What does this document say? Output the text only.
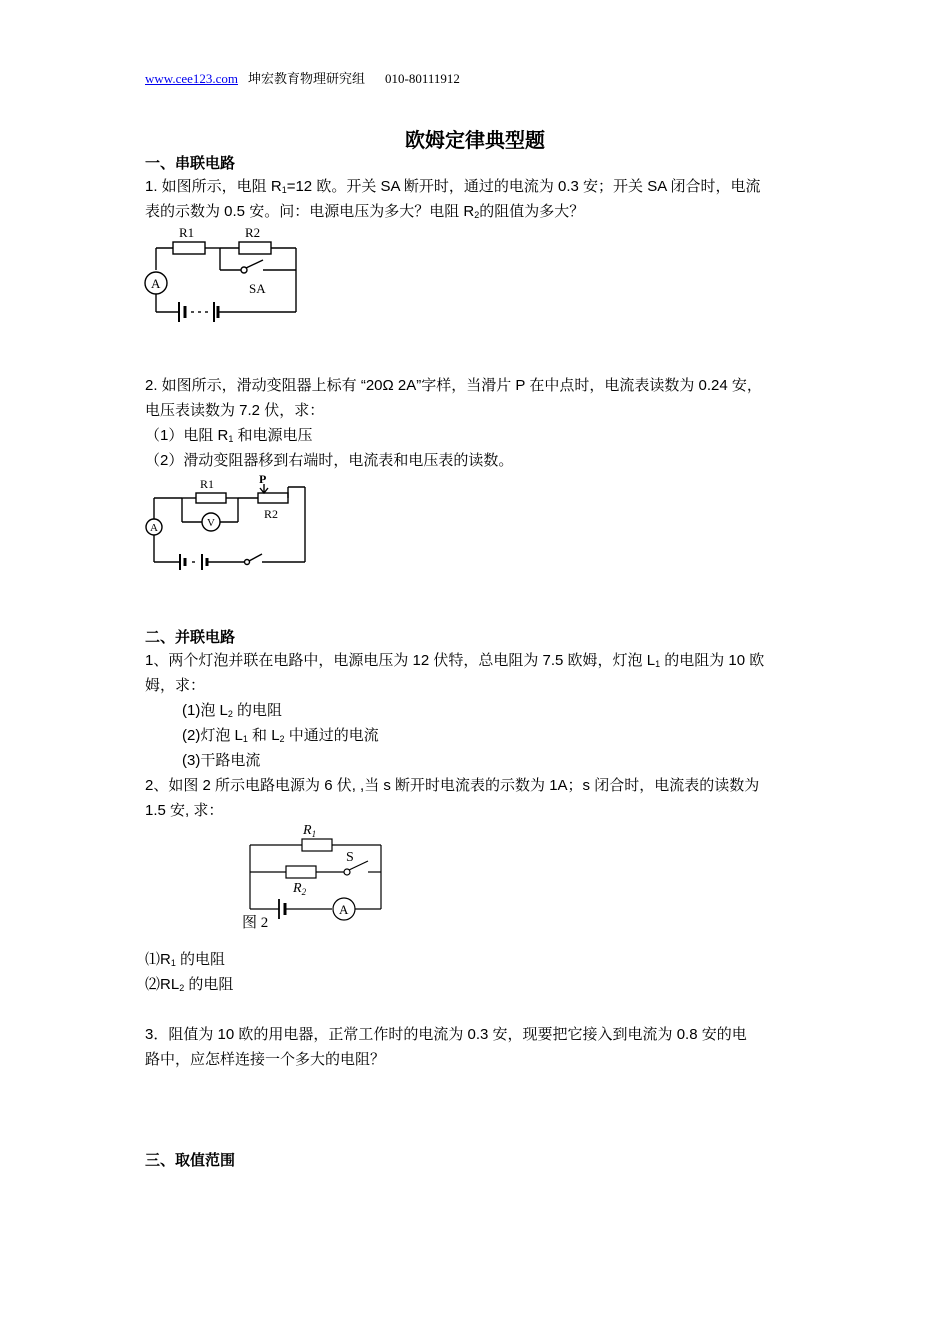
www.cee123.com 坤宏教育物理研究组 010-80111912
欧姆定律典型题
一、串联电路
1. 如图所示，电阻 $R_1=12$ 欧。开关 SA 断开时，通过的电流为 0.3 安；开关 SA 闭合时，电流
表的示数为 0.5 安。问：电源电压为多大？电阻 $R_2$的阻值为多大？
R1	R2
A	SA
2. 如图所示，滑动变阻器上标有 “20Ω 2A”字样，当滑片 P 在中点时，电流表读数为 0.24 安，
电压表读数为 7.2 伏，求：
（1）电阻 $R_1$ 和电源电压
（2）滑动变阻器移到右端时，电流表和电压表的读数。
R1	P
R2
V
A
二、并联电路
1、两个灯泡并联在电路中，电源电压为 12 伏特，总电阻为 7.5 欧姆，灯泡 $L_1$ 的电阻为 10 欧
姆，求：
(1)泡 $L_2$ 的电阻
(2)灯泡 $L_1$ 和 $L_2$ 中通过的电流
(3)干路电流
2、如图 2 所示电路电源为 6 伏, ,当 s 断开时电流表的示数为 1A；s 闭合时，电流表的读数为
1.5 安, 求：
$R_1$
S
$R_2$
A
图 2
$⑴R_1$ 的电阻
$⑵RL_2$ 的电阻
3．阻值为 10 欧的用电器，正常工作时的电流为 0.3 安，现要把它接入到电流为 0.8 安的电
路中，应怎样连接一个多大的电阻？
三、取值范围
